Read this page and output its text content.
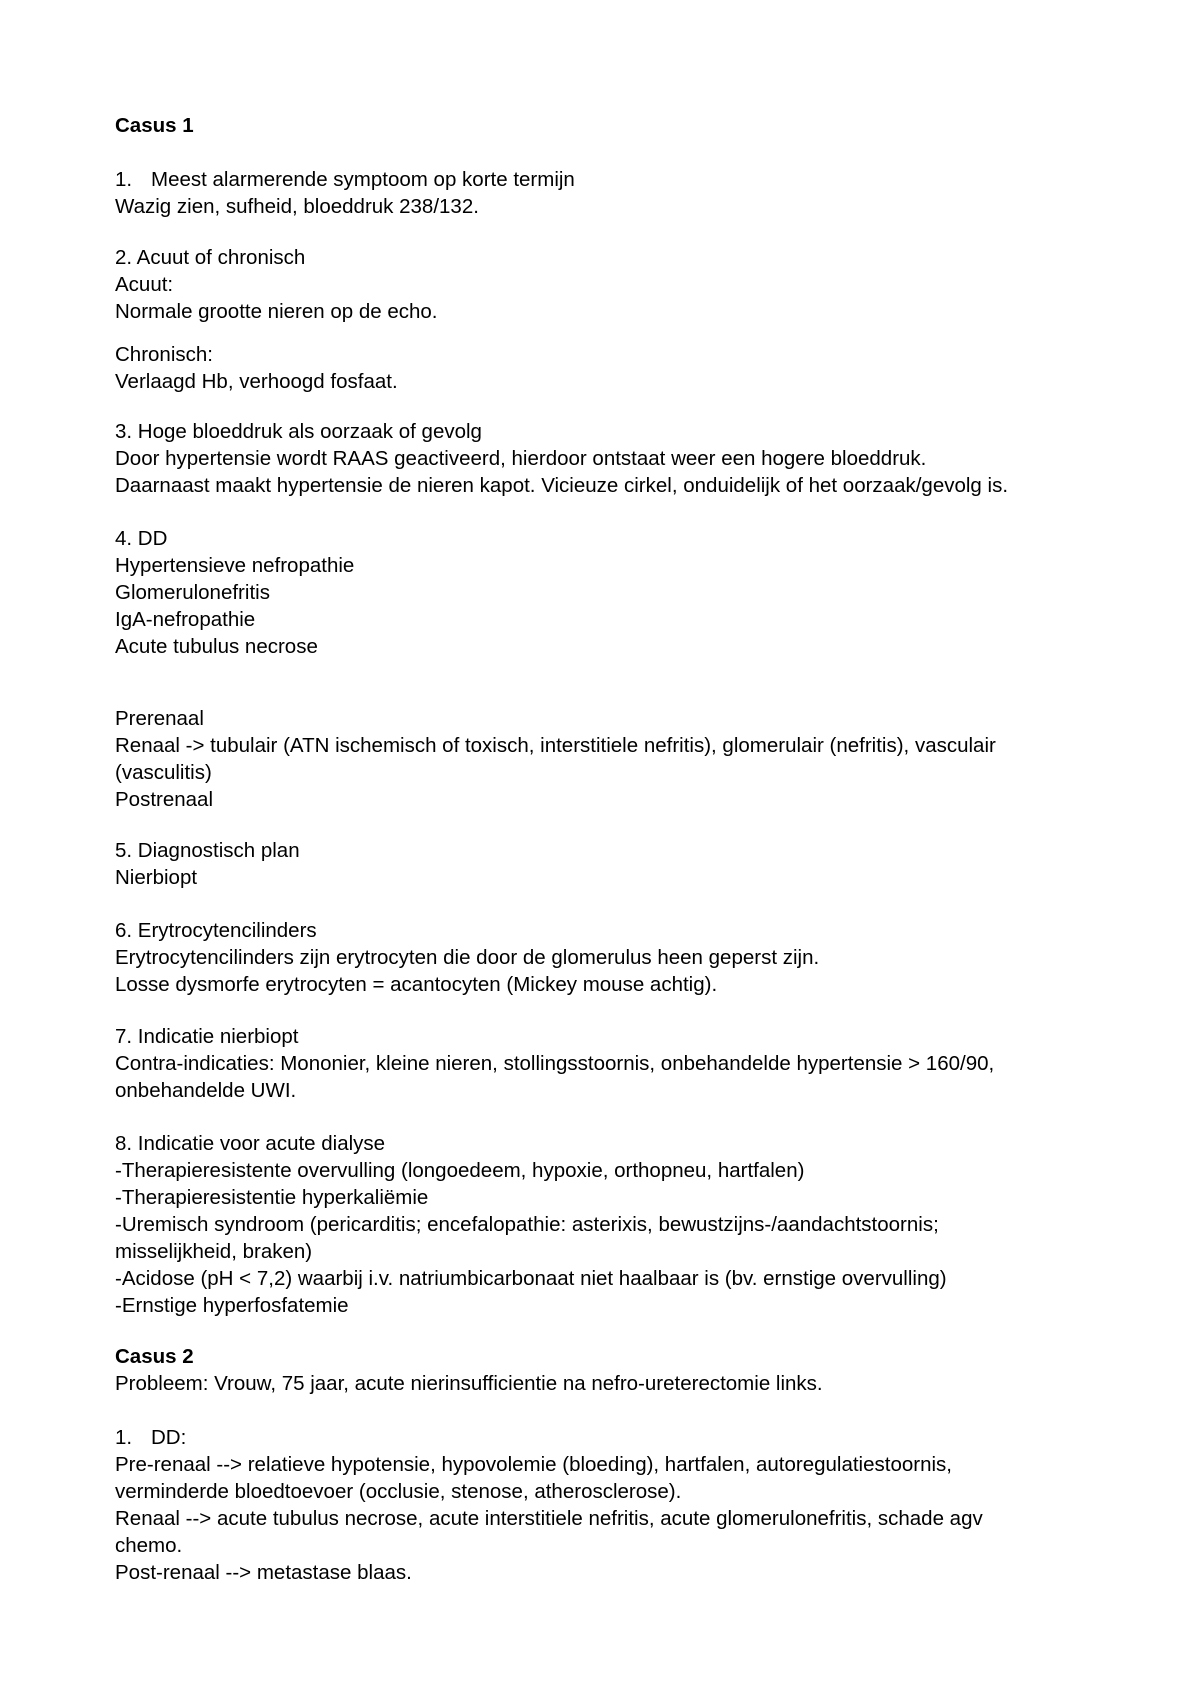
Casus 1
1. Meest alarmerende symptoom op korte termijn
Wazig zien, sufheid, bloeddruk 238/132.
2. Acuut of chronisch
Acuut:
Normale grootte nieren op de echo.
Chronisch:
Verlaagd Hb, verhoogd fosfaat.
3. Hoge bloeddruk als oorzaak of gevolg
Door hypertensie wordt RAAS geactiveerd, hierdoor ontstaat weer een hogere bloeddruk.
Daarnaast maakt hypertensie de nieren kapot. Vicieuze cirkel, onduidelijk of het oorzaak/gevolg is.
4. DD
Hypertensieve nefropathie
Glomerulonefritis
IgA-nefropathie
Acute tubulus necrose
Prerenaal
Renaal -> tubulair (ATN ischemisch of toxisch, interstitiele nefritis), glomerulair (nefritis), vasculair
(vasculitis)
Postrenaal
5. Diagnostisch plan
Nierbiopt
6. Erytrocytencilinders
Erytrocytencilinders zijn erytrocyten die door de glomerulus heen geperst zijn.
Losse dysmorfe erytrocyten = acantocyten (Mickey mouse achtig).
7. Indicatie nierbiopt
Contra-indicaties: Mononier, kleine nieren, stollingsstoornis, onbehandelde hypertensie > 160/90,
onbehandelde UWI.
8. Indicatie voor acute dialyse
-Therapieresistente overvulling (longoedeem, hypoxie, orthopneu, hartfalen)
-Therapieresistentie hyperkaliëmie
-Uremisch syndroom (pericarditis; encefalopathie: asterixis, bewustzijns-/aandachtstoornis;
misselijkheid, braken)
-Acidose (pH < 7,2) waarbij i.v. natriumbicarbonaat niet haalbaar is (bv. ernstige overvulling)
-Ernstige hyperfosfatemie
Casus 2
Probleem: Vrouw, 75 jaar, acute nierinsufficientie na nefro-ureterectomie links.
1. DD:
Pre-renaal --> relatieve hypotensie, hypovolemie (bloeding), hartfalen, autoregulatiestoornis,
verminderde bloedtoevoer (occlusie, stenose, atherosclerose).
Renaal --> acute tubulus necrose, acute interstitiele nefritis, acute glomerulonefritis, schade agv
chemo.
Post-renaal --> metastase blaas.
